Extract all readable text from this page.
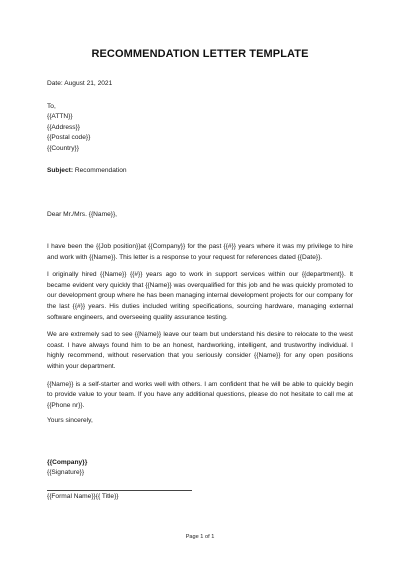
RECOMMENDATION LETTER TEMPLATE
Date: August 21, 2021
To,
{{ATTN}}
{{Address}}
{{Postal code}}
{{Country}}
Subject: Recommendation
Dear Mr./Mrs. {{Name}},

I have been the {{Job position}}at {{Company}} for the past {{#}} years where it was my privilege to hire and work with {{Name}}. This letter is a response to your request for references dated {{Date}}.

I originally hired {{Name}} {{#}} years ago to work in support services within our {{department}}. It became evident very quickly that {{Name}} was overqualified for this job and he was quickly promoted to our development group where he has been managing internal development projects for our company for the last {{#}} years. His duties included writing specifications, sourcing hardware, managing external software engineers, and overseeing quality assurance testing.

We are extremely sad to see {{Name}} leave our team but understand his desire to relocate to the west coast. I have always found him to be an honest, hardworking, intelligent, and trustworthy individual. I highly recommend, without reservation that you seriously consider {{Name}} for any open positions within your department.

{{Name}} is a self-starter and works well with others. I am confident that he will be able to quickly begin to provide value to your team. If you have any additional questions, please do not hesitate to call me at {{Phone nr}}.

Yours sincerely,
{{Company}}
{{Signature}}
{{Formal Name}}{{ Title}}
Page 1 of 1
